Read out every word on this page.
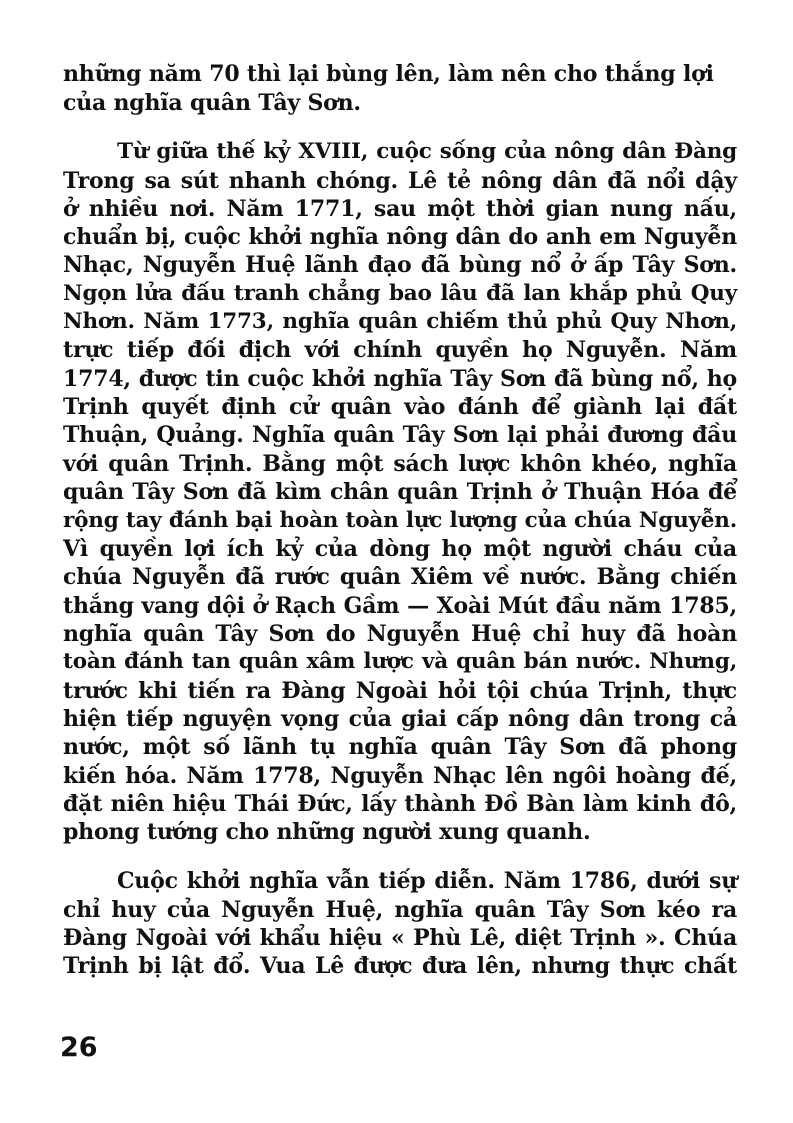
những năm 70 thì lại bùng lên, làm nên cho thắng lợi
của nghĩa quân Tây Sơn.
Từ giữa thế kỷ XVIII, cuộc sống của nông dân Đàng
Trong sa sút nhanh chóng. Lê tẻ nông dân đã nổi dậy
ở nhiều nơi. Năm 1771, sau một thời gian nung nấu,
chuẩn bị, cuộc khởi nghĩa nông dân do anh em Nguyễn
Nhạc, Nguyễn Huệ lãnh đạo đã bùng nổ ở ấp Tây Sơn.
Ngọn lửa đấu tranh chẳng bao lâu đã lan khắp phủ Quy
Nhơn. Năm 1773, nghĩa quân chiếm thủ phủ Quy Nhơn,
trực tiếp đối địch với chính quyền họ Nguyễn. Năm
1774, được tin cuộc khởi nghĩa Tây Sơn đã bùng nổ, họ
Trịnh quyết định cử quân vào đánh để giành lại đất
Thuận, Quảng. Nghĩa quân Tây Sơn lại phải đương đầu
với quân Trịnh. Bằng một sách lược khôn khéo, nghĩa
quân Tây Sơn đã kìm chân quân Trịnh ở Thuận Hóa để
rộng tay đánh bại hoàn toàn lực lượng của chúa Nguyễn.
Vì quyền lợi ích kỷ của dòng họ một người cháu của
chúa Nguyễn đã rước quân Xiêm về nước. Bằng chiến
thắng vang dội ở Rạch Gầm — Xoài Mút đầu năm 1785,
nghĩa quân Tây Sơn do Nguyễn Huệ chỉ huy đã hoàn
toàn đánh tan quân xâm lược và quân bán nước. Nhưng,
trước khi tiến ra Đàng Ngoài hỏi tội chúa Trịnh, thực
hiện tiếp nguyện vọng của giai cấp nông dân trong cả
nước, một số lãnh tụ nghĩa quân Tây Sơn đã phong
kiến hóa. Năm 1778, Nguyễn Nhạc lên ngôi hoàng đế,
đặt niên hiệu Thái Đức, lấy thành Đồ Bàn làm kinh đô,
phong tướng cho những người xung quanh.
Cuộc khởi nghĩa vẫn tiếp diễn. Năm 1786, dưới sự
chỉ huy của Nguyễn Huệ, nghĩa quân Tây Sơn kéo ra
Đàng Ngoài với khẩu hiệu « Phù Lê, diệt Trịnh ». Chúa
Trịnh bị lật đổ. Vua Lê được đưa lên, nhưng thực chất
26
